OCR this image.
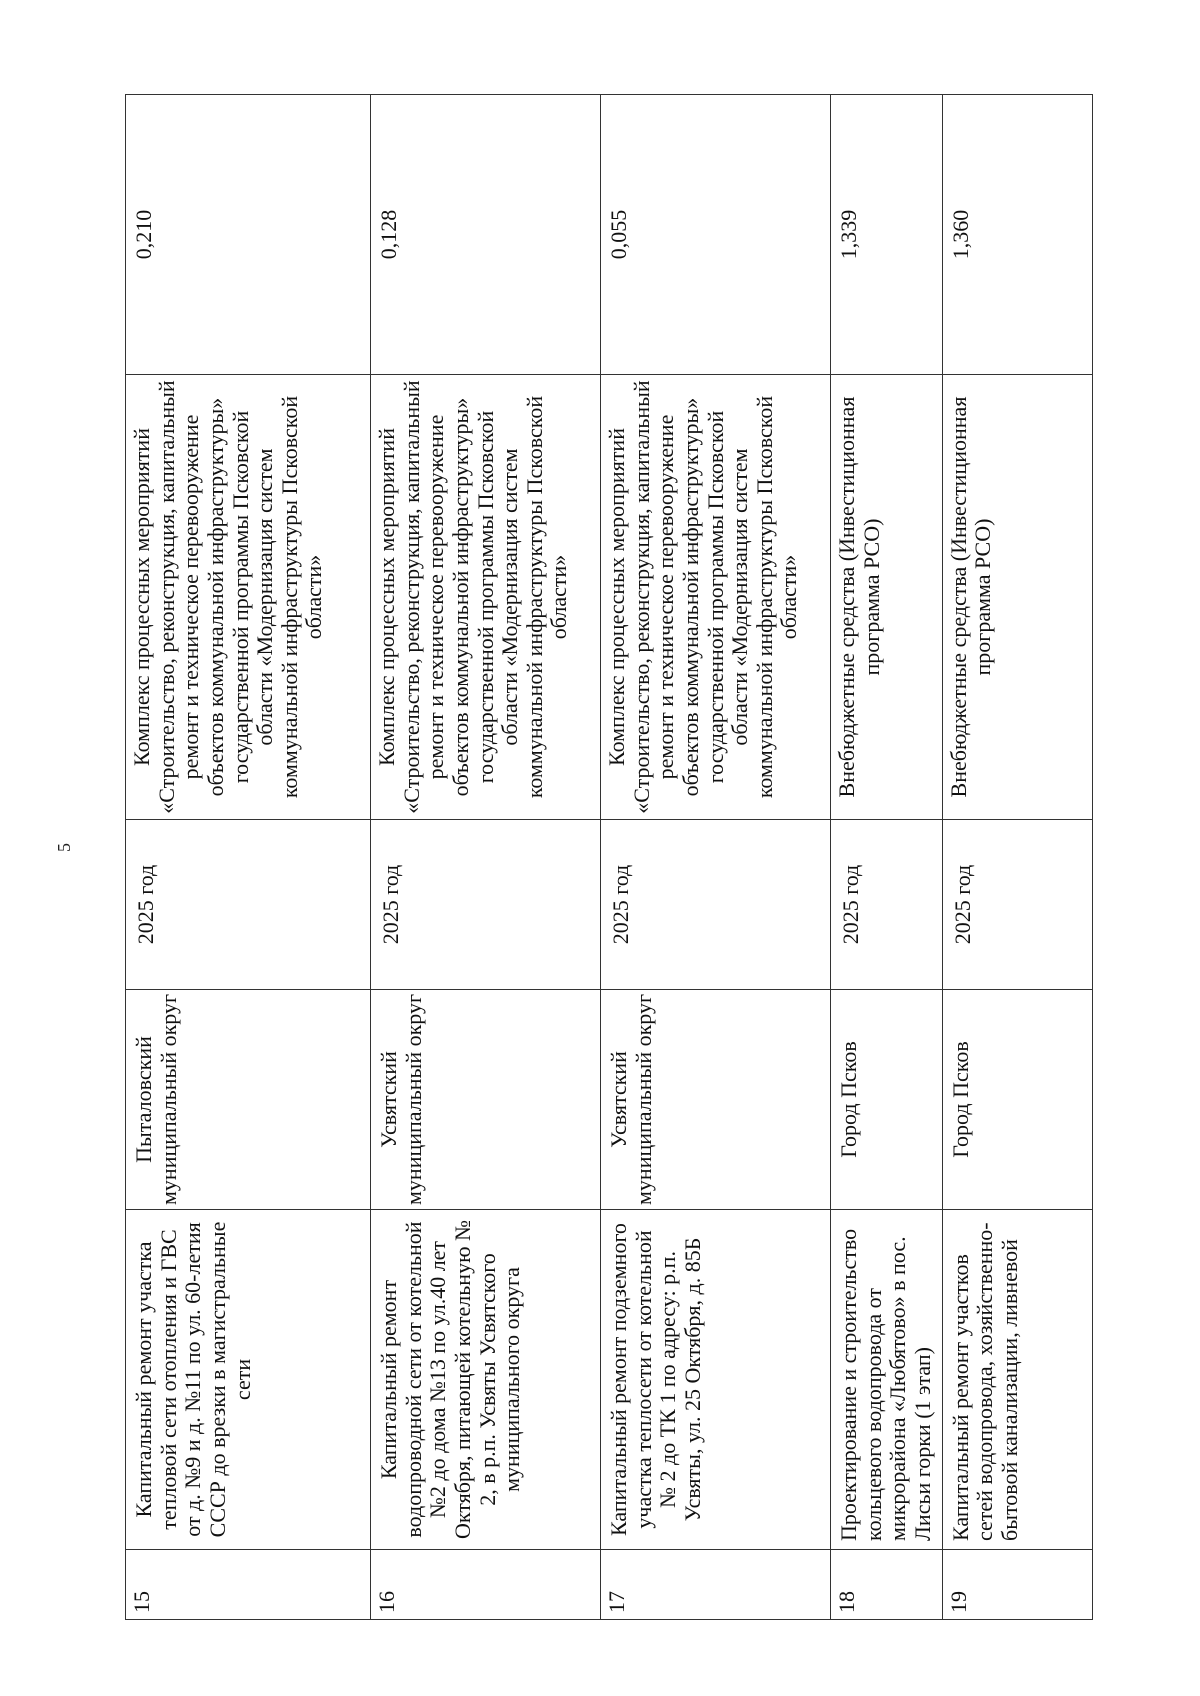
5
15	Капитальный ремонт участка тепловой сети отопления и ГВС от д. №9 и д. №11 по ул. 60-летия СССР до врезки в магистральные сети	Пыталовский муниципальный округ	2025 год	Комплекс процессных мероприятий «Строительство, реконструкция, капитальный ремонт и техническое перевооружение объектов коммунальной инфраструктуры» государственной программы Псковской области «Модернизация систем коммунальной инфраструктуры Псковской области»	0,210
16	Капитальный ремонт водопроводной сети от котельной №2 до дома №13 по ул.40 лет Октября, питающей котельную № 2, в р.п. Усвяты Усвятского муниципального округа	Усвятский муниципальный округ	2025 год	Комплекс процессных мероприятий «Строительство, реконструкция, капитальный ремонт и техническое перевооружение объектов коммунальной инфраструктуры» государственной программы Псковской области «Модернизация систем коммунальной инфраструктуры Псковской области»	0,128
17	Капитальный ремонт подземного участка теплосети от котельной № 2 до ТК 1 по адресу: р.п. Усвяты, ул. 25 Октября, д. 85Б	Усвятский муниципальный округ	2025 год	Комплекс процессных мероприятий «Строительство, реконструкция, капитальный ремонт и техническое перевооружение объектов коммунальной инфраструктуры» государственной программы Псковской области «Модернизация систем коммунальной инфраструктуры Псковской области»	0,055
18	Проектирование и строительство кольцевого водопровода от микрорайона «Любятово» в пос. Лисьи горки (1 этап)	Город Псков	2025 год	Внебюджетные средства (Инвестиционная программа РСО)	1,339
19	Капитальный ремонт участков сетей водопровода, хозяйственно-бытовой канализации, ливневой	Город Псков	2025 год	Внебюджетные средства (Инвестиционная программа РСО)	1,360
